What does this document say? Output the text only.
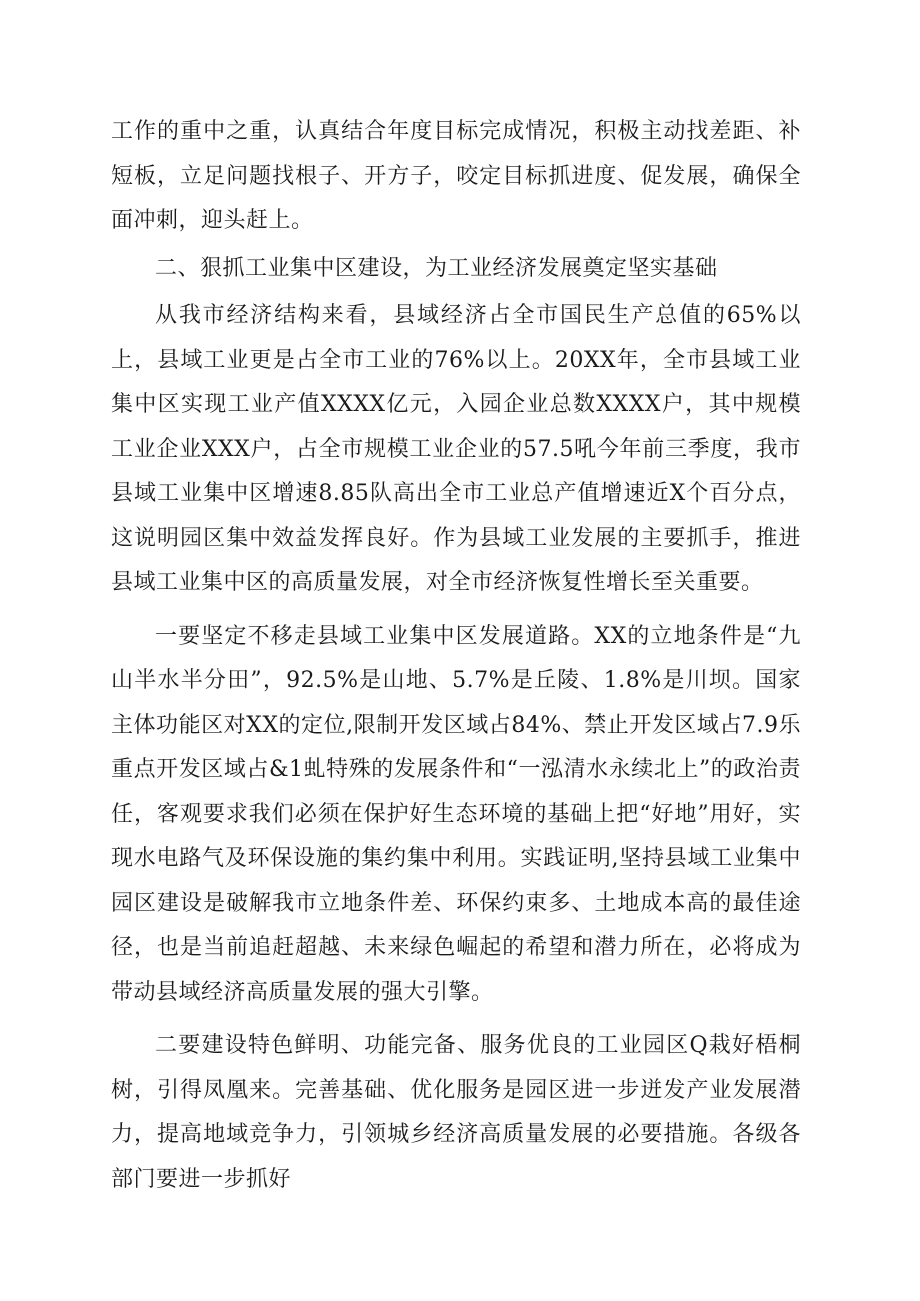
工作的重中之重，认真结合年度目标完成情况，积极主动找差距、补短板，立足问题找根子、开方子，咬定目标抓进度、促发展，确保全面冲刺，迎头赶上。

二、狠抓工业集中区建设，为工业经济发展奠定坚实基础

从我市经济结构来看，县域经济占全市国民生产总值的65%以上，县域工业更是占全市工业的76%以上。20XX年，全市县域工业集中区实现工业产值XXXX亿元，入园企业总数XXXX户，其中规模工业企业XXX户，占全市规模工业企业的57.5吼今年前三季度，我市县域工业集中区增速8.85队高出全市工业总产值增速近X个百分点，这说明园区集中效益发挥良好。作为县域工业发展的主要抓手，推进县域工业集中区的高质量发展，对全市经济恢复性增长至关重要。

一要坚定不移走县域工业集中区发展道路。XX的立地条件是“九山半水半分田”，92.5%是山地、5.7%是丘陵、1.8%是川坝。国家主体功能区对XX的定位,限制开发区域占84%、禁止开发区域占7.9乐重点开发区域占&1虬特殊的发展条件和“一泓清水永续北上”的政治责任，客观要求我们必须在保护好生态环境的基础上把“好地”用好，实现水电路气及环保设施的集约集中利用。实践证明,坚持县域工业集中园区建设是破解我市立地条件差、环保约束多、土地成本高的最佳途径，也是当前追赶超越、未来绿色崛起的希望和潜力所在，必将成为带动县域经济高质量发展的强大引擎。

二要建设特色鲜明、功能完备、服务优良的工业园区Q栽好梧桐树，引得凤凰来。完善基础、优化服务是园区进一步迸发产业发展潜力，提高地域竞争力，引领城乡经济高质量发展的必要措施。各级各部门要进一步抓好
